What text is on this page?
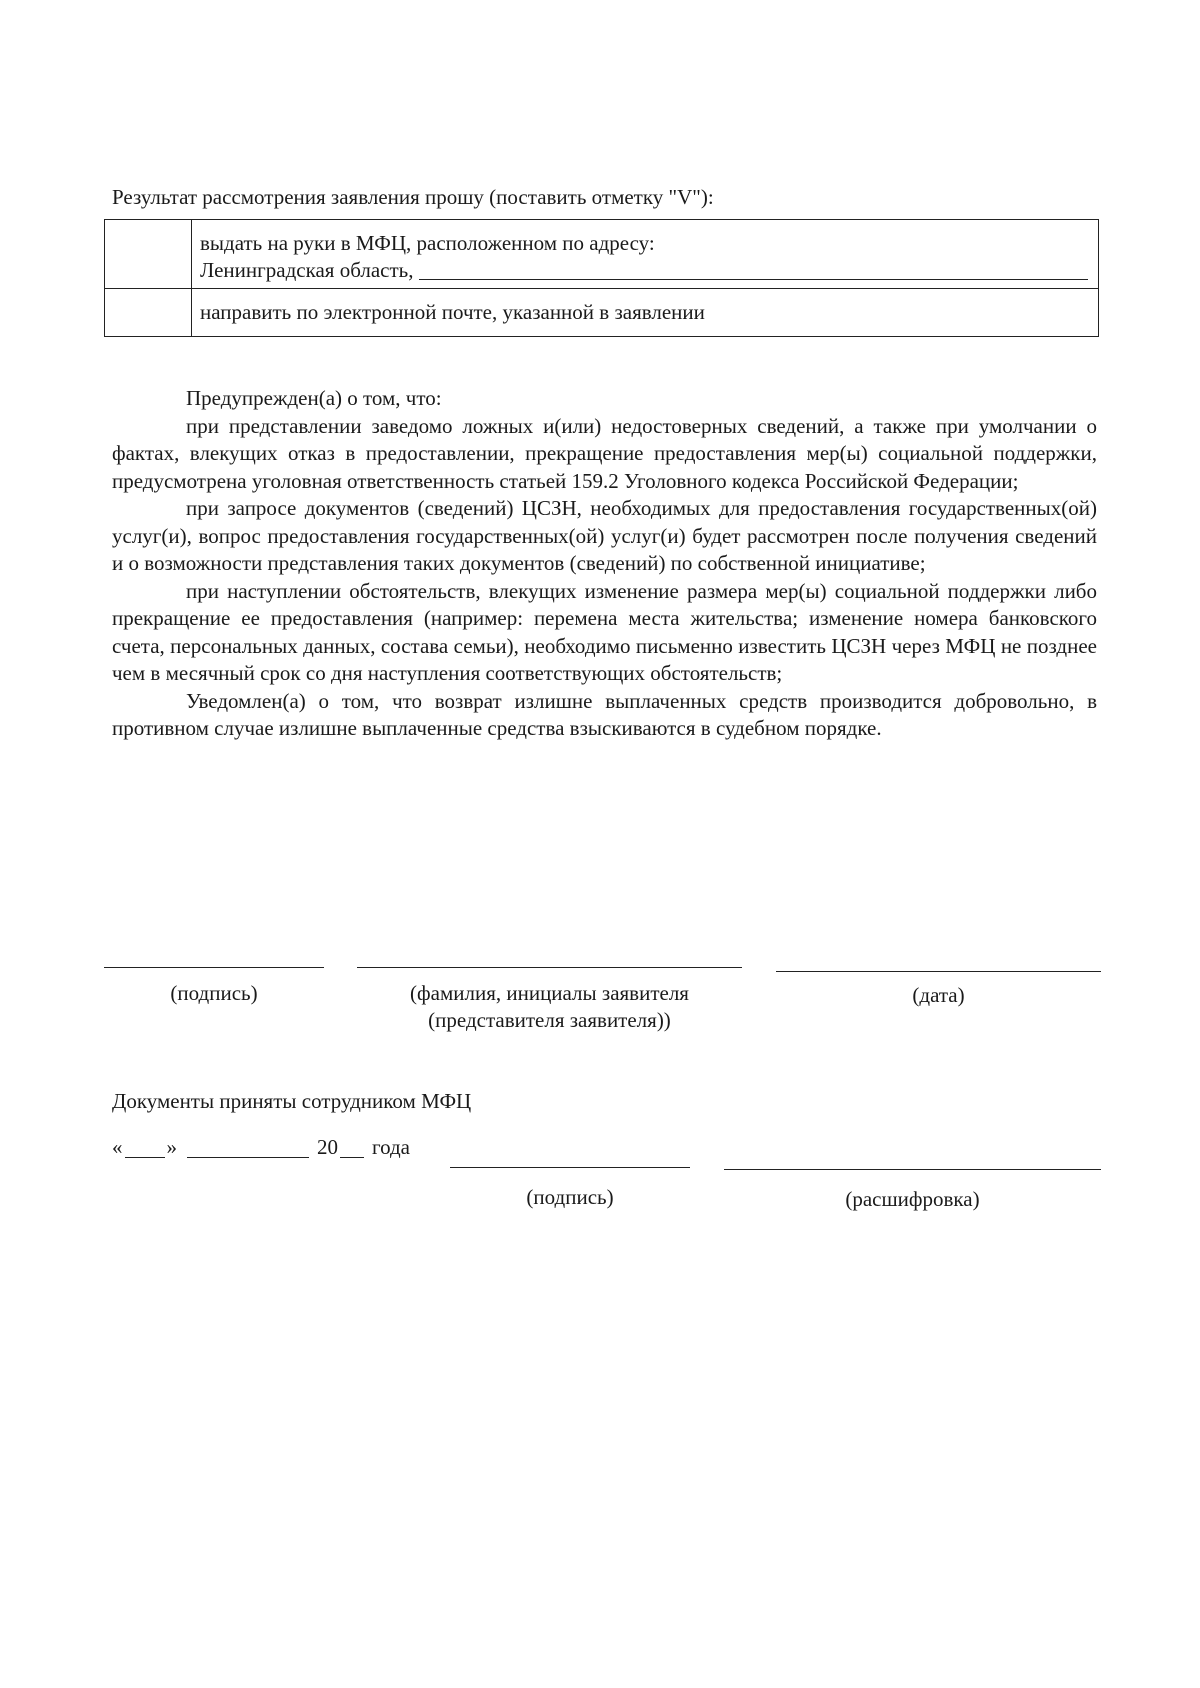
Результат рассмотрения заявления прошу (поставить отметку "V"):

	выдать на руки в МФЦ, расположенном по адресу:
Ленинградская область,

	направить по электронной почте, указанной в заявлении

Предупрежден(а) о том, что:

при представлении заведомо ложных и(или) недостоверных сведений, а также при умолчании о фактах, влекущих отказ в предоставлении, прекращение предоставления мер(ы) социальной поддержки, предусмотрена уголовная ответственность статьей 159.2 Уголовного кодекса Российской Федерации;

при запросе документов (сведений) ЦСЗН, необходимых для предоставления государственных(ой) услуг(и), вопрос предоставления государственных(ой) услуг(и) будет рассмотрен после получения сведений и о возможности представления таких документов (сведений) по собственной инициативе;

при наступлении обстоятельств, влекущих изменение размера мер(ы) социальной поддержки либо прекращение ее предоставления (например: перемена места жительства; изменение номера банковского счета, персональных данных, состава семьи), необходимо письменно известить ЦСЗН через МФЦ не позднее чем в месячный срок со дня наступления соответствующих обстоятельств;

Уведомлен(а) о том, что возврат излишне выплаченных средств производится добровольно, в противном случае излишне выплаченные средства взыскиваются в судебном порядке.

(подпись)	(фамилия, инициалы заявителя
(представителя заявителя))
(дата)
Документы приняты сотрудником МФЦ
« »	20 года
(подпись)	(расшифровка)
